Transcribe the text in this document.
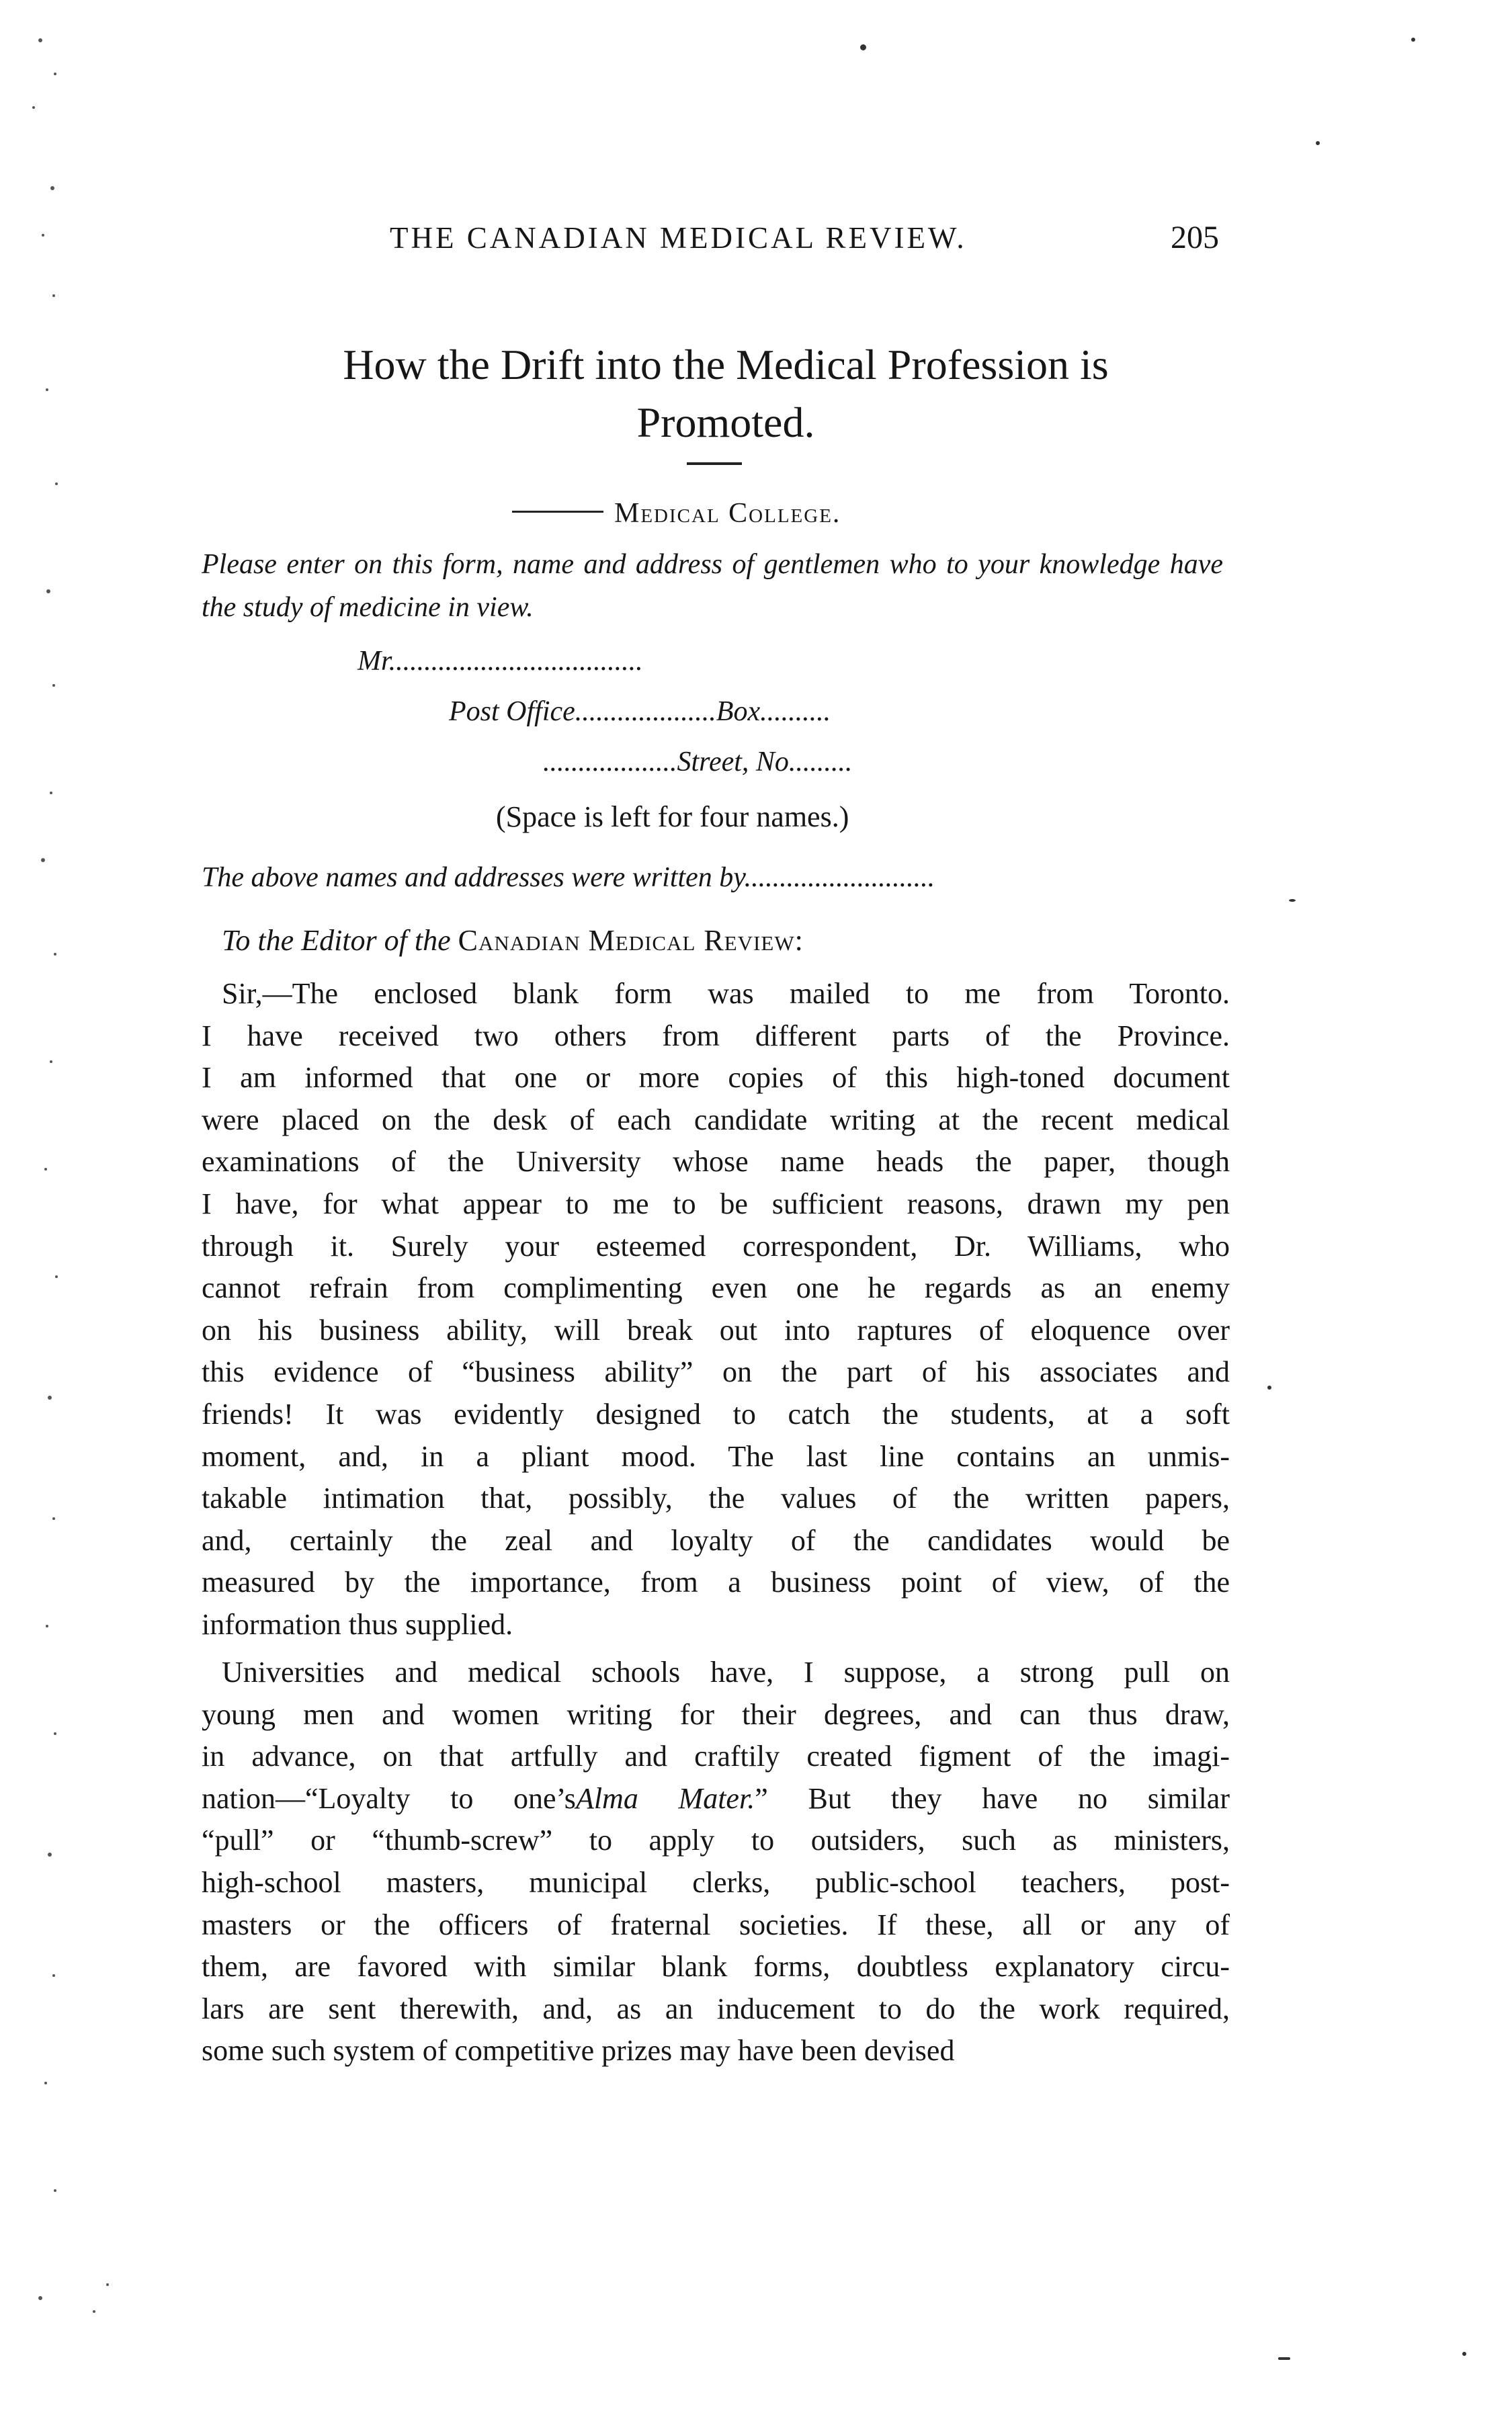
THE CANADIAN MEDICAL REVIEW.	205
How the Drift into the Medical Profession is
Promoted.
Medical College.
Please enter on this form, name and address of gentlemen who to your knowledge have the study of medicine in view.
Mr....................................
Post Office....................Box..........
...................Street, No.........
(Space is left for four names.)
The above names and addresses were written by...........................
To the Editor of the Canadian Medical Review:
Sir,—The enclosed blank form was mailed to me from Toronto.
I have received two others from different parts of the Province.
I am informed that one or more copies of this high-toned document
were placed on the desk of each candidate writing at the recent medical
examinations of the University whose name heads the paper, though
I have, for what appear to me to be sufficient reasons, drawn my pen
through it. Surely your esteemed correspondent, Dr. Williams, who
cannot refrain from complimenting even one he regards as an enemy
on his business ability, will break out into raptures of eloquence over
this evidence of “business ability” on the part of his associates and
friends! It was evidently designed to catch the students, at a soft
moment, and, in a pliant mood. The last line contains an unmis-
takable intimation that, possibly, the values of the written papers,
and, certainly the zeal and loyalty of the candidates would be
measured by the importance, from a business point of view, of the
information thus supplied.
Universities and medical schools have, I suppose, a strong pull on
young men and women writing for their degrees, and can thus draw,
in advance, on that artfully and craftily created figment of the imagi-
nation—“Loyalty to one’sAlma Mater.” But they have no similar
“pull” or “thumb-screw” to apply to outsiders, such as ministers,
high-school masters, municipal clerks, public-school teachers, post-
masters or the officers of fraternal societies. If these, all or any of
them, are favored with similar blank forms, doubtless explanatory circu-
lars are sent therewith, and, as an inducement to do the work required,
some such system of competitive prizes may have been devised
